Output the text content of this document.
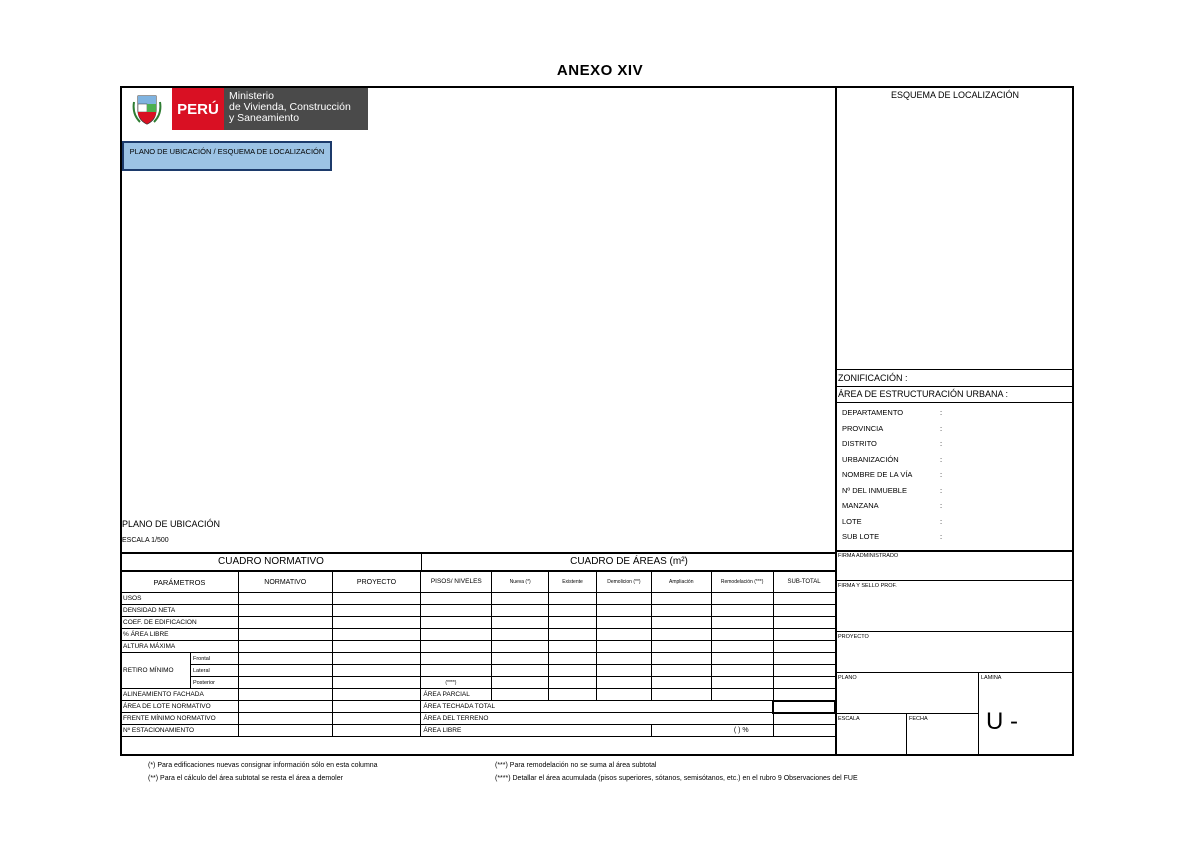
ANEXO XIV
PERÚ
Ministerio
de Vivienda, Construcción
y Saneamiento
PLANO DE UBICACIÓN / ESQUEMA DE LOCALIZACIÓN
PLANO DE UBICACIÓN
ESCALA 1/500
ESQUEMA DE LOCALIZACIÓN
ZONIFICACIÓN :
ÁREA DE ESTRUCTURACIÓN URBANA :
DEPARTAMENTO	:
PROVINCIA	:
DISTRITO	:
URBANIZACIÓN	:
NOMBRE DE LA VÍA	:
Nº DEL INMUEBLE	:
MANZANA	:
LOTE	:
SUB LOTE	:
FIRMA ADMINISTRADO
FIRMA Y SELLO PROF.
PROYECTO
PLANO	LAMINA
ESCALA	FECHA U -
CUADRO NORMATIVO	CUADRO DE ÁREAS (m²)
PARÁMETROS		NORMATIVO	PROYECTO	PISOS/ NIVELES	Nueva (*)	Existente	Demolicion (**)	Ampliación	Remodelación (***)	SUB-TOTAL
USOS										
DENSIDAD NETA										
COEF. DE EDIFICACION										
% ÁREA LIBRE										
ALTURA MÁXIMA										
RETIRO MÍNIMO	Frontal									
	Lateral									
	Posterior			(****)						
ALINEAMIENTO FACHADA				ÁREA PARCIAL						
ÁREA DE LOTE NORMATIVO				ÁREA TECHADA TOTAL						
FRENTE MÍNIMO NORMATIVO				ÁREA DEL TERRENO						
Nº ESTACIONAMIENTO				ÁREA LIBRE				( ) %		
(*) Para edificaciones nuevas consignar información sólo en esta columna
(**) Para el cálculo del área subtotal se resta el área a demoler
(***) Para remodelación no se suma al área subtotal
(****) Detallar el área acumulada (pisos superiores, sótanos, semisótanos, etc.) en el rubro 9 Observaciones del FUE
